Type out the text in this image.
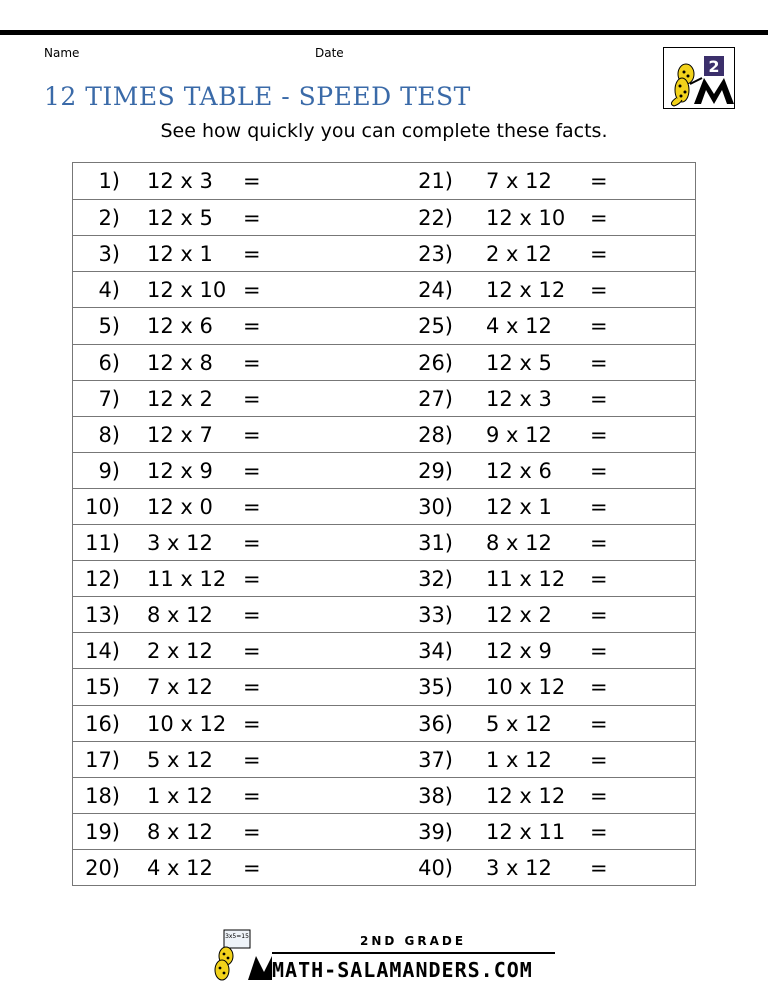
Name	Date
12 TIMES TABLE - SPEED TEST
See how quickly you can complete these facts.
2
1) 12 x 3 =	21) 7 x 12 =
2) 12 x 5 =	22) 12 x 10 =
3) 12 x 1 =	23) 2 x 12 =
4) 12 x 10 =	24) 12 x 12 =
5) 12 x 6 =	25) 4 x 12 =
6) 12 x 8 =	26) 12 x 5 =
7) 12 x 2 =	27) 12 x 3 =
8) 12 x 7 =	28) 9 x 12 =
9) 12 x 9 =	29) 12 x 6 =
10) 12 x 0 =	30) 12 x 1 =
11) 3 x 12 =	31) 8 x 12 =
12) 11 x 12 =	32) 11 x 12 =
13) 8 x 12 =	33) 12 x 2 =
14) 2 x 12 =	34) 12 x 9 =
15) 7 x 12 =	35) 10 x 12 =
16) 10 x 12 =	36) 5 x 12 =
17) 5 x 12 =	37) 1 x 12 =
18) 1 x 12 =	38) 12 x 12 =
19) 8 x 12 =	39) 12 x 11 =
20) 4 x 12 =	40) 3 x 12 =
3x5=15	2ND GRADE
MATH-SALAMANDERS.COM
